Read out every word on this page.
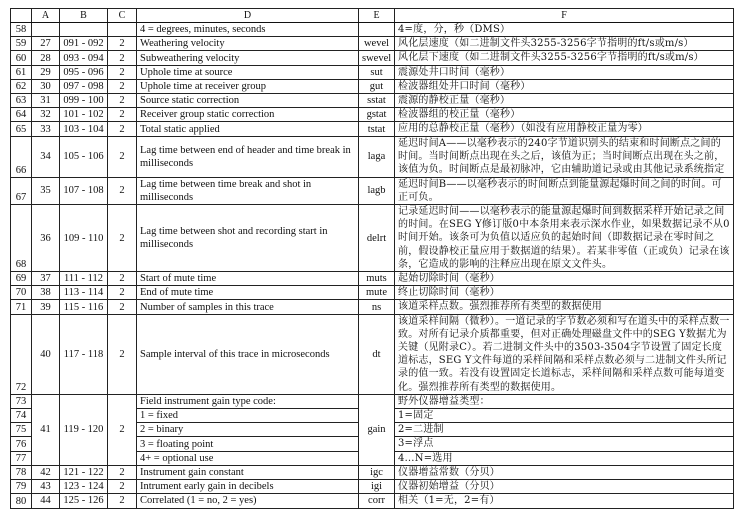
	A	B	C	D	E	F
58				4 = degrees, minutes, seconds		4=度，分，秒（DMS）
59	27	091 - 092	2	Weathering velocity	wevel	风化层速度（如二进制文件头3255-3256字节指明的ft/s或m/s）
60	28	093 - 094	2	Subweathering velocity	swevel	风化层下速度（如二进制文件头3255-3256字节指明的ft/s或m/s）
61	29	095 - 096	2	Uphole time at source	sut	震源处井口时间（毫秒）
62	30	097 - 098	2	Uphole time at receiver group	gut	检波器组处井口时间（毫秒）
63	31	099 - 100	2	Source static correction	sstat	震源的静校正量（毫秒）
64	32	101 - 102	2	Receiver group static correction	gstat	检波器组的校正量（毫秒）
65	33	103 - 104	2	Total static applied	tstat	应用的总静校正量（毫秒）（如没有应用静校正量为零）
66	34	105 - 106	2	Lag time between end of header and time break in milliseconds	laga	延迟时间A——以毫秒表示的240字节道识别头的结束和时间断点之间的时间。当时间断点出现在头之后，该值为正；当时间断点出现在头之前，该值为负。时间断点是最初脉冲，它由辅助道记录或由其他记录系统指定
67	35	107 - 108	2	Lag time between time break and shot in milliseconds	lagb	延迟时间B——以毫秒表示的时间断点到能量源起爆时间之间的时间。可正可负。
68	36	109 - 110	2	Lag time between shot and recording start in milliseconds	delrt	记录延迟时间——以毫秒表示的能量源起爆时间到数据采样开始记录之间的时间。在SEG Y修订版0中本条用来表示深水作业，如果数据记录不从0时间开始。该条可为负值以适应负的起始时间（即数据记录在零时间之前，假设静校正量应用于数据道的结果）。若某非零值（正或负）记录在该条，它造成的影响的注释应出现在原文文件头。
69	37	111 - 112	2	Start of mute time	muts	起始切除时间（毫秒）
70	38	113 - 114	2	End of mute time	mute	终止切除时间（毫秒）
71	39	115 - 116	2	Number of samples in this trace	ns	该道采样点数。强烈推荐所有类型的数据使用
72	40	117 - 118	2	Sample interval of this trace in microseconds	dt	该道采样间隔（微秒）。一道记录的字节数必须和写在道头中的采样点数一致。对所有记录介质都重要，但对正确处理磁盘文件中的SEG Y数据尤为关键（见附录C）。若二进制文件头中的3503-3504字节设置了固定长度道标志，SEG Y文件每道的采样间隔和采样点数必须与二进制文件头所记录的值一致。若没有设置固定长道标志，采样间隔和采样点数可能每道变化。强烈推荐所有类型的数据使用。
73	41	119 - 120	2	Field instrument gain type code:	gain	野外仪器增益类型：
74				1 = fixed		1=固定
75				2 = binary		2=二进制
76				3 = floating point		3=浮点
77				4+ = optional use		4…N=选用
78	42	121 - 122	2	Instrument gain constant	igc	仪器增益常数（分贝）
79	43	123 - 124	2	Intrument early gain in decibels	igi	仪器初始增益（分贝）
80	44	125 - 126	2	Correlated (1 = no, 2 = yes)	corr	相关（1=无，2=有）
